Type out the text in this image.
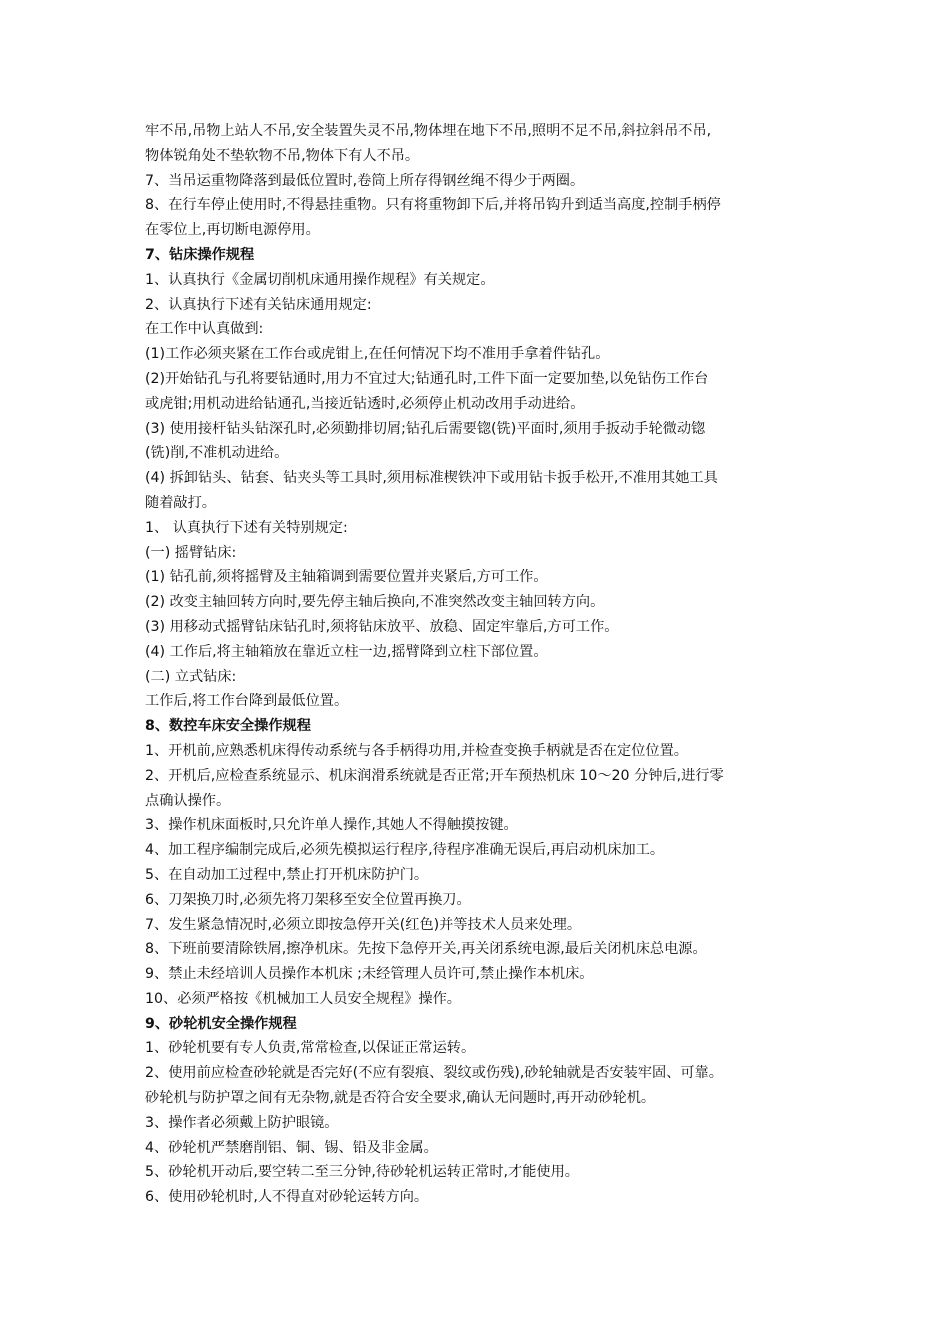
牢不吊,吊物上站人不吊,安全装置失灵不吊,物体埋在地下不吊,照明不足不吊,斜拉斜吊不吊,
物体锐角处不垫软物不吊,物体下有人不吊。
7、当吊运重物降落到最低位置时,卷筒上所存得钢丝绳不得少于两圈。
8、在行车停止使用时,不得悬挂重物。只有将重物卸下后,并将吊钩升到适当高度,控制手柄停
在零位上,再切断电源停用。
7、钻床操作规程
1、认真执行《金属切削机床通用操作规程》有关规定。
2、认真执行下述有关钻床通用规定:
在工作中认真做到:
(1)工作必须夹紧在工作台或虎钳上,在任何情况下均不准用手拿着件钻孔。
(2)开始钻孔与孔将要钻通时,用力不宜过大;钻通孔时,工件下面一定要加垫,以免钻伤工作台
或虎钳;用机动进给钻通孔,当接近钻透时,必须停止机动改用手动进给。
(3) 使用接杆钻头钻深孔时,必须勤排切屑;钻孔后需要锪(铣)平面时,须用手扳动手轮微动锪
(铣)削,不准机动进给。
(4) 拆卸钻头、钻套、钻夹头等工具时,须用标准楔铁冲下或用钻卡扳手松开,不准用其她工具
随着敲打。
1、 认真执行下述有关特别规定:
(一) 摇臂钻床:
(1) 钻孔前,须将摇臂及主轴箱调到需要位置并夹紧后,方可工作。
(2) 改变主轴回转方向时,要先停主轴后换向,不准突然改变主轴回转方向。
(3) 用移动式摇臂钻床钻孔时,须将钻床放平、放稳、固定牢靠后,方可工作。
(4) 工作后,将主轴箱放在靠近立柱一边,摇臂降到立柱下部位置。
(二) 立式钻床:
工作后,将工作台降到最低位置。
8、数控车床安全操作规程
1、开机前,应熟悉机床得传动系统与各手柄得功用,并检查变换手柄就是否在定位位置。
2、开机后,应检查系统显示、机床润滑系统就是否正常;开车预热机床 10～20 分钟后,进行零
点确认操作。
3、操作机床面板时,只允许单人操作,其她人不得触摸按键。
4、加工程序编制完成后,必须先模拟运行程序,待程序准确无误后,再启动机床加工。
5、在自动加工过程中,禁止打开机床防护门。
6、刀架换刀时,必须先将刀架移至安全位置再换刀。
7、发生紧急情况时,必须立即按急停开关(红色)并等技术人员来处理。
8、下班前要清除铁屑,擦净机床。先按下急停开关,再关闭系统电源,最后关闭机床总电源。
9、禁止未经培训人员操作本机床 ;未经管理人员许可,禁止操作本机床。
10、必须严格按《机械加工人员安全规程》操作。
9、砂轮机安全操作规程
1、砂轮机要有专人负责,常常检查,以保证正常运转。
2、使用前应检查砂轮就是否完好(不应有裂痕、裂纹或伤残),砂轮轴就是否安装牢固、可靠。
砂轮机与防护罩之间有无杂物,就是否符合安全要求,确认无问题时,再开动砂轮机。
3、操作者必须戴上防护眼镜。
4、砂轮机严禁磨削铝、铜、锡、铅及非金属。
5、砂轮机开动后,要空转二至三分钟,待砂轮机运转正常时,才能使用。
6、使用砂轮机时,人不得直对砂轮运转方向。
